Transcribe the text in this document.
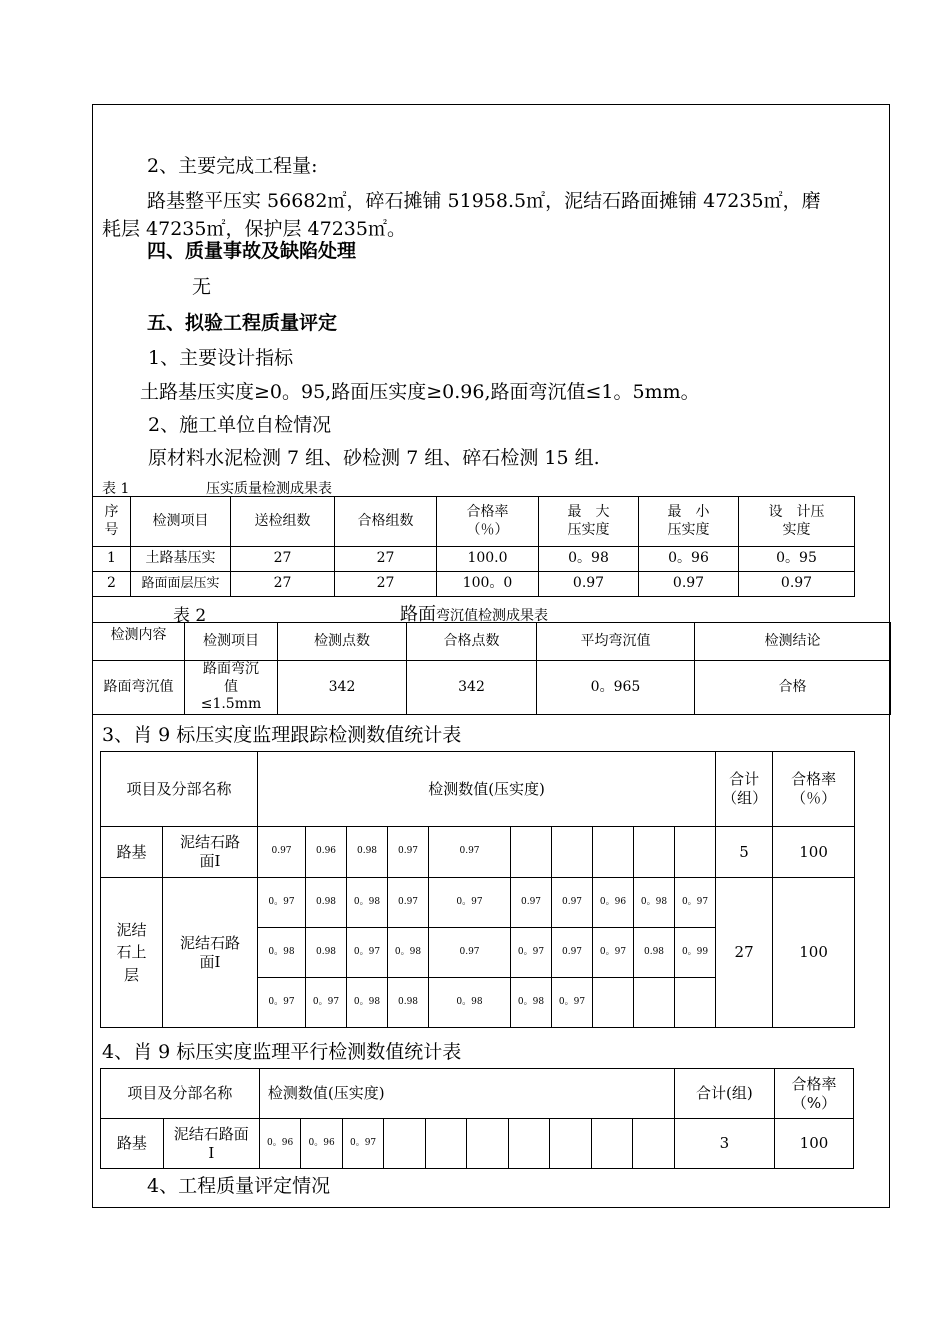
2、主要完成工程量:
路基整平压实 56682㎡，碎石摊铺 51958.5㎡，泥结石路面摊铺 47235㎡，磨
耗层 47235㎡，保护层 47235㎡。
四、质量事故及缺陷处理
无
五、拟验工程质量评定
1、主要设计指标
土路基压实度≥0。95,路面压实度≥0.96,路面弯沉值≤1。5mm。
2、施工单位自检情况
原材料水泥检测 7 组、砂检测 7 组、碎石检测 15 组.
表 1	压实质量检测成果表
序号	检测项目	送检组数	合格组数	合格率（％）	最　大压实度	最　小压实度	设　计压实度
1	土路基压实	27	27	100.0	0。98	0。96	0。95
2	路面面层压实	27	27	100。0	0.97	0.97	0.97
表 2	路面弯沉值检测成果表
检测内容	检测项目	检测点数	合格点数	平均弯沉值	检测结论
路面弯沉值	路面弯沉值≤1.5mm	342	342	0。965	合格
3、肖 9 标压实度监理跟踪检测数值统计表
项目及分部名称		检测数值(压实度)										合计（组）	合格率（％）
路基	泥结石路面Ⅰ	0.97	0.96	0.98	0.97	0.97						5	100
泥结石上层	泥结石路面Ⅰ	0。97	0.98	0。98	0.97	0。97	0.97	0.97	0。96	0。98	0。97	27	100
		0。98	0.98	0。97	0。98	0.97	0。97	0.97	0。97	0.98	0。99		
		0。97	0。97	0。98	0.98	0。98	0。98	0。97					
4、肖 9 标压实度监理平行检测数值统计表
项目及分部名称		检测数值(压实度)										合计(组)	合格率（%）
路基	泥结石路面Ⅰ	0。96	0。96	0。97								3	100
4、工程质量评定情况
